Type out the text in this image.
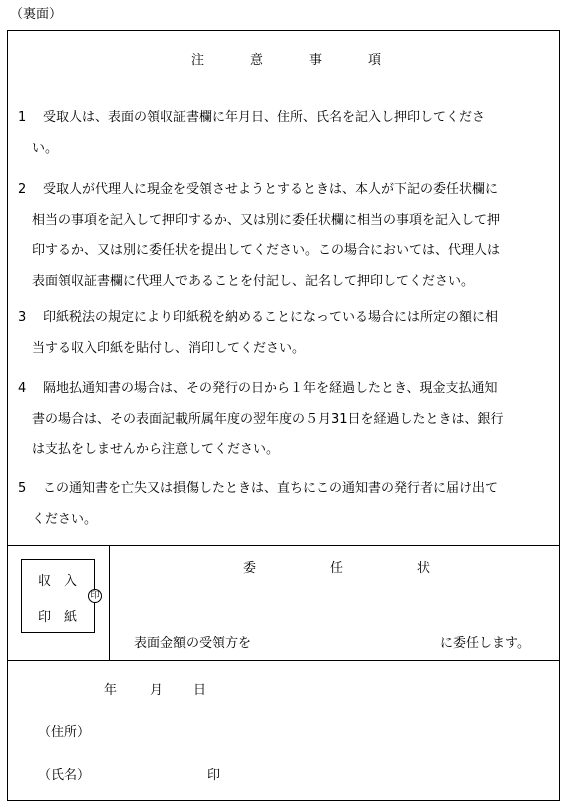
（裏面）
注	意	事	項
1	受取人は、表面の領収証書欄に年月日、住所、氏名を記入し押印してくださ
い。
2	受取人が代理人に現金を受領させようとするときは、本人が下記の委任状欄に
相当の事項を記入して押印するか、又は別に委任状欄に相当の事項を記入して押
印するか、又は別に委任状を提出してください。この場合においては、代理人は
表面領収証書欄に代理人であることを付記し、記名して押印してください。
3	印紙税法の規定により印紙税を納めることになっている場合には所定の額に相
当する収入印紙を貼付し、消印してください。
4	隔地払通知書の場合は、その発行の日から１年を経過したとき、現金支払通知
書の場合は、その表面記載所属年度の翌年度の５月31日を経過したときは、銀行
は支払をしませんから注意してください。
5	この通知書を亡失又は損傷したときは、直ちにこの通知書の発行者に届け出て
ください。
収　入
印　紙
印
委	任	状
表面金額の受領方を	に委任します。
年	月 日
（住所）
（氏名）	印
